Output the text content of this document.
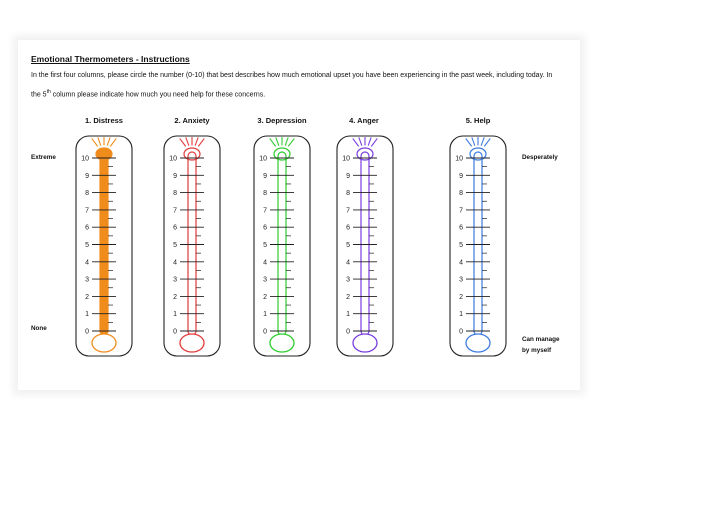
Emotional Thermometers - Instructions
In the first four columns, please circle the number (0-10) that best describes how much emotional upset you have been experiencing in the past week, including today. In the 5th column please indicate how much you need help for these concerns.
Extreme
None
Desperately
Can manage
by myself
1. Distress	2. Anxiety	3. Depression	4. Anger	5. Help
10
9
8
7
6
5
4
3
2
1
0
10
9
8
7
6
5
4
3
2
1
0
10
9
8
7
6
5
4
3
2
1
0
10
9
8
7
6
5
4
3
2
1
0
10
9
8
7
6
5
4
3
2
1
0
